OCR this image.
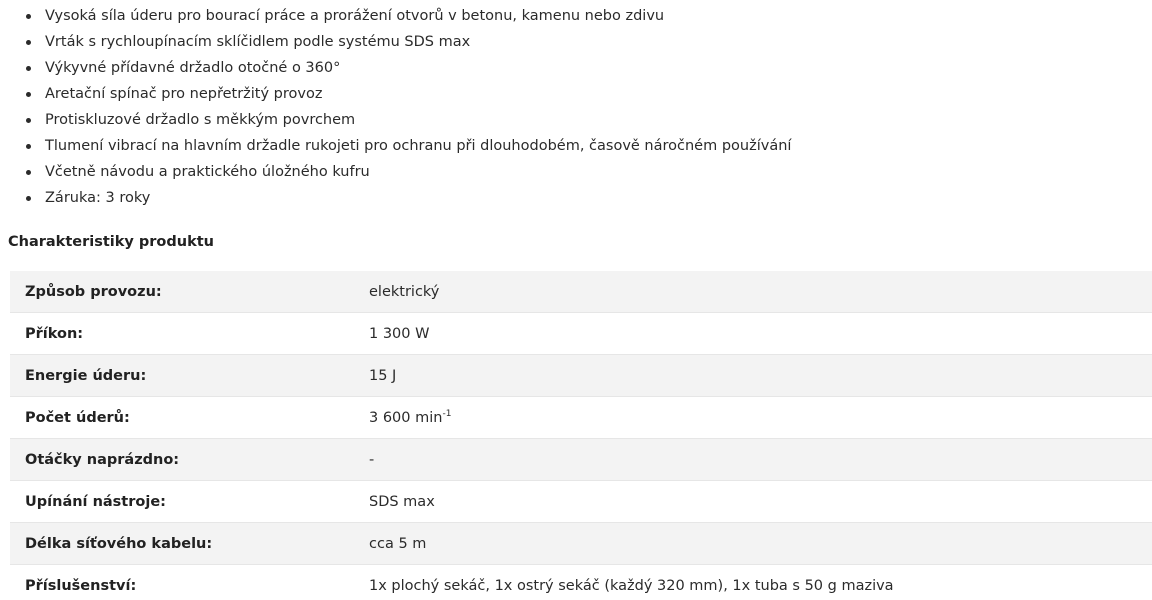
Vysoká síla úderu pro bourací práce a prorážení otvorů v betonu, kamenu nebo zdivu
Vrták s rychloupínacím sklíčidlem podle systému SDS max
Výkyvné přídavné držadlo otočné o 360°
Aretační spínač pro nepřetržitý provoz
Protiskluzové držadlo s měkkým povrchem
Tlumení vibrací na hlavním držadle rukojeti pro ochranu při dlouhodobém, časově náročném používání
Včetně návodu a praktického úložného kufru
Záruka: 3 roky
Charakteristiky produktu
Způsob provozu:	elektrický
Příkon:	1 300 W
Energie úderu:	15 J
Počet úderů:	3 600 $\min^{-1}$
Otáčky naprázdno:	-
Upínání nástroje:	SDS max
Délka síťového kabelu:	cca 5 m
Příslušenství:	1x plochý sekáč, 1x ostrý sekáč (každý 320 mm), 1x tuba s 50 g maziva
